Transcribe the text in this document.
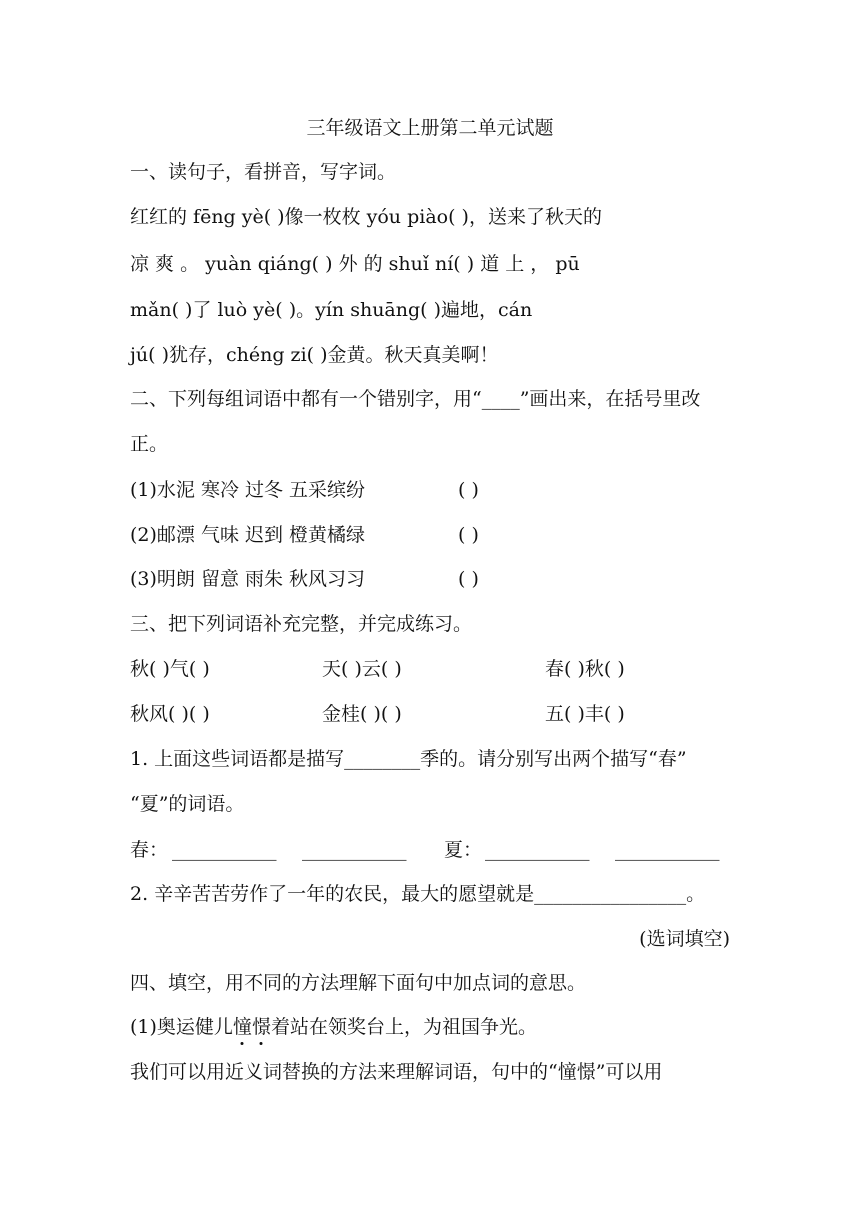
三年级语文上册第二单元试题
一、读句子，看拼音，写字词。
红红的 fēng yè( )像一枚枚 yóu piào( )，送来了秋天的
凉 爽 。 yuàn qiáng( ) 外 的 shuǐ ní( ) 道 上 ， pū
mǎn( )了 luò yè( )。yín shuāng( )遍地，cán
jú( )犹存，chéng zi( )金黄。秋天真美啊！
二、下列每组词语中都有一个错别字，用“____”画出来，在括号里改
正。
(1)水泥 寒冷 过冬 五采缤纷	( )
(2)邮漂 气味 迟到 橙黄橘绿	( )
(3)明朗 留意 雨朱 秋风习习	( )
三、把下列词语补充完整，并完成练习。
秋( )气( )	天( )云( )	春( )秋( )
秋风( )( )	金桂( )( )	五( )丰( )
1. 上面这些词语都是描写________季的。请分别写出两个描写“春”
“夏”的词语。
春： ___________ ___________ 夏： ___________ ___________
2. 辛辛苦苦劳作了一年的农民，最大的愿望就是________________。
(选词填空)
四、填空，用不同的方法理解下面句中加点词的意思。
(1)奥运健儿憧憬着站在领奖台上，为祖国争光。
我们可以用近义词替换的方法来理解词语，句中的“憧憬”可以用
